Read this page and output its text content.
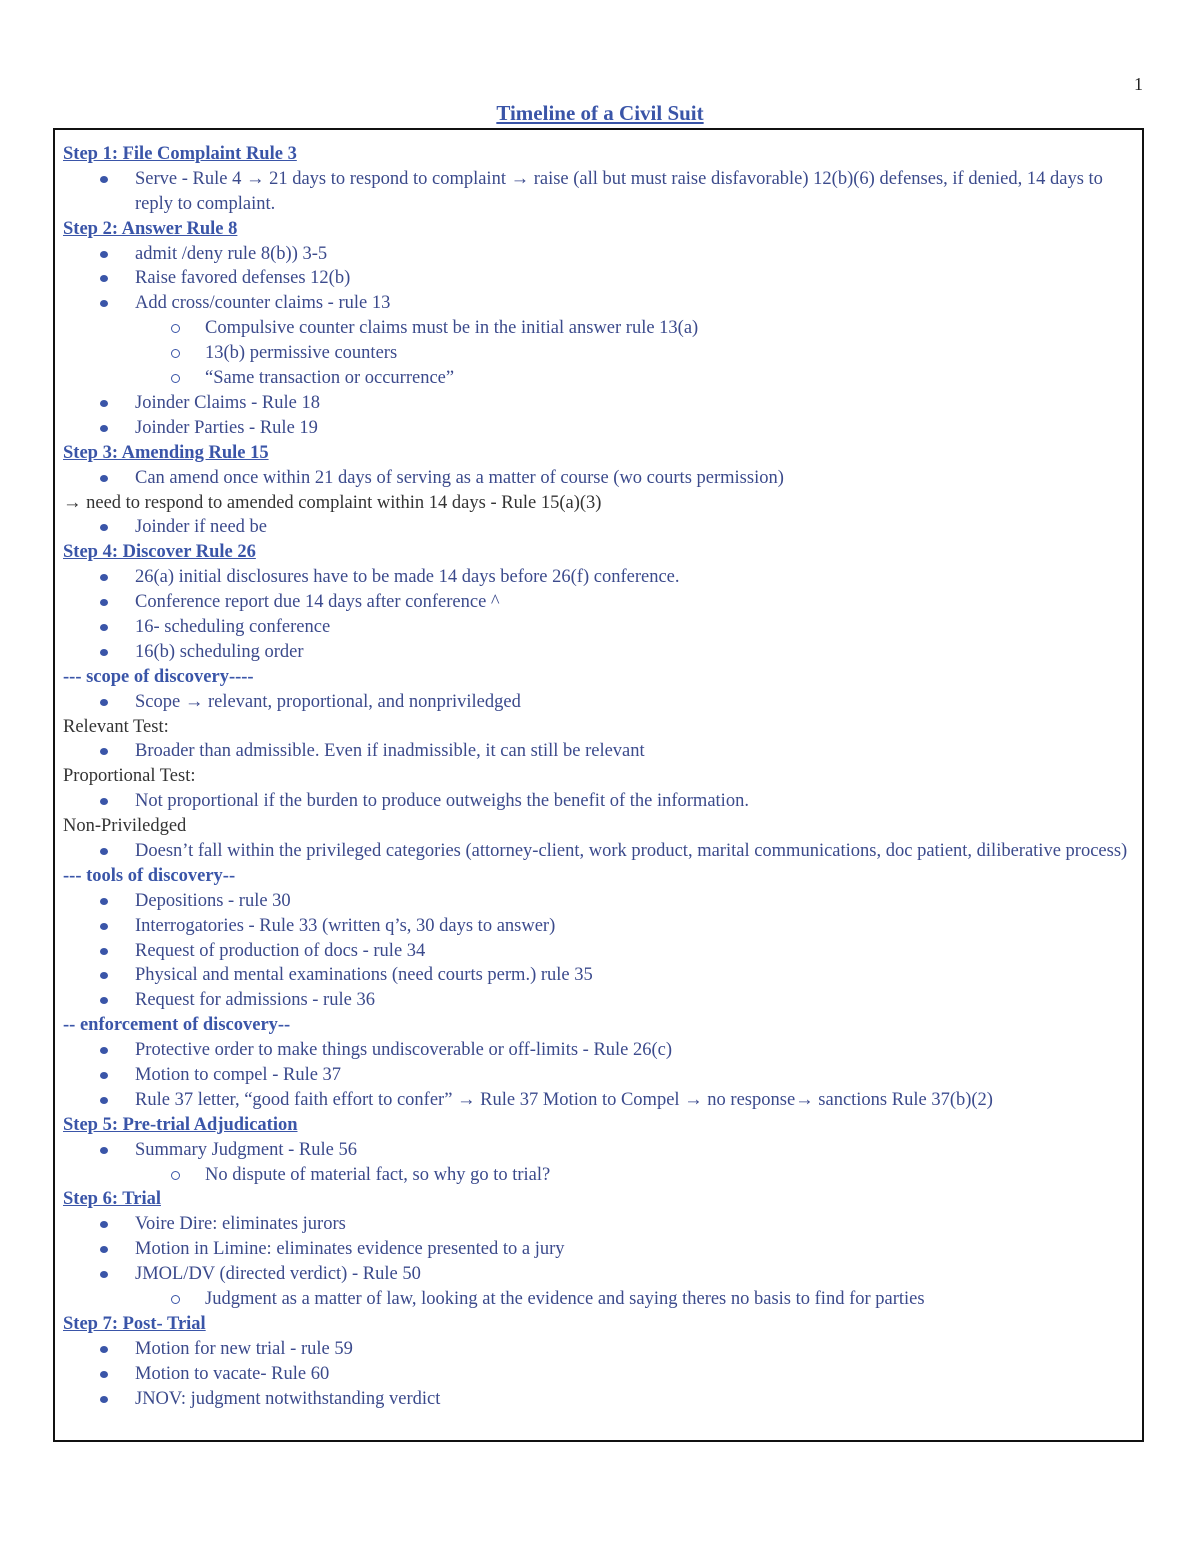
1
Timeline of a Civil Suit
Step 1: File Complaint Rule 3
Serve - Rule 4 → 21 days to respond to complaint → raise (all but must raise disfavorable) 12(b)(6) defenses, if denied, 14 days to reply to complaint.
Step 2: Answer Rule 8
admit /deny rule 8(b)) 3-5
Raise favored defenses 12(b)
Add cross/counter claims - rule 13
Compulsive counter claims must be in the initial answer rule 13(a)
13(b) permissive counters
“Same transaction or occurrence”
Joinder Claims - Rule 18
Joinder Parties - Rule 19
Step 3: Amending Rule 15
Can amend once within 21 days of serving as a matter of course (wo courts permission)
→ need to respond to amended complaint within 14 days - Rule 15(a)(3)
Joinder if need be
Step 4: Discover Rule 26
26(a) initial disclosures have to be made 14 days before 26(f) conference.
Conference report due 14 days after conference ^
16- scheduling conference
16(b) scheduling order
--- scope of discovery----
Scope → relevant, proportional, and nonpriviledged
Relevant Test:
Broader than admissible. Even if inadmissible, it can still be relevant
Proportional Test:
Not proportional if the burden to produce outweighs the benefit of the information.
Non-Priviledged
Doesn’t fall within the privileged categories (attorney-client, work product, marital communications, doc patient, diliberative process)
--- tools of discovery--
Depositions - rule 30
Interrogatories - Rule 33 (written q’s, 30 days to answer)
Request of production of docs - rule 34
Physical and mental examinations (need courts perm.) rule 35
Request for admissions - rule 36
-- enforcement of discovery--
Protective order to make things undiscoverable or off-limits - Rule 26(c)
Motion to compel - Rule 37
Rule 37 letter, “good faith effort to confer” → Rule 37 Motion to Compel → no response→ sanctions Rule 37(b)(2)
Step 5: Pre-trial Adjudication
Summary Judgment - Rule 56
No dispute of material fact, so why go to trial?
Step 6: Trial
Voire Dire: eliminates jurors
Motion in Limine: eliminates evidence presented to a jury
JMOL/DV (directed verdict) - Rule 50
Judgment as a matter of law, looking at the evidence and saying theres no basis to find for parties
Step 7: Post- Trial
Motion for new trial - rule 59
Motion to vacate- Rule 60
JNOV: judgment notwithstanding verdict
